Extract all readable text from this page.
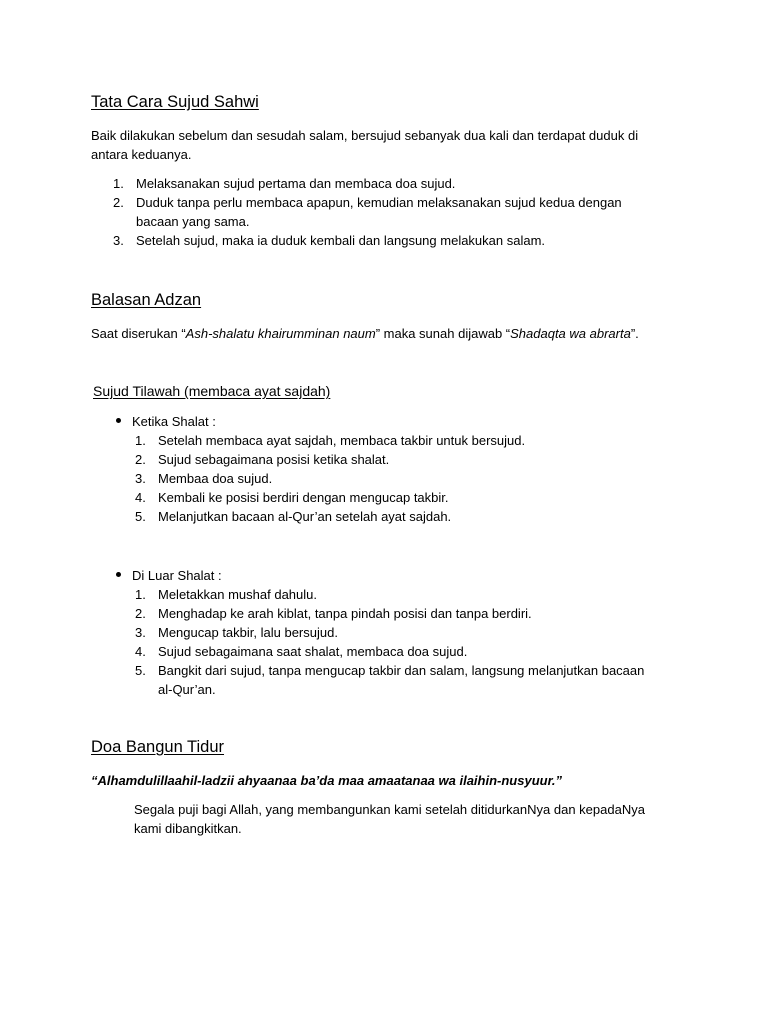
Tata Cara Sujud Sahwi

Baik dilakukan sebelum dan sesudah salam, bersujud sebanyak dua kali dan terdapat duduk di antara keduanya.

1. Melaksanakan sujud pertama dan membaca doa sujud.
2. Duduk tanpa perlu membaca apapun, kemudian melaksanakan sujud kedua dengan bacaan yang sama.
3. Setelah sujud, maka ia duduk kembali dan langsung melakukan salam.
Balasan Adzan

Saat diserukan “Ash-shalatu khairumminan naum” maka sunah dijawab “Shadaqta wa abrarta”.

Sujud Tilawah (membaca ayat sajdah)
Ketika Shalat :
1. Setelah membaca ayat sajdah, membaca takbir untuk bersujud.
2. Sujud sebagaimana posisi ketika shalat.
3. Membaa doa sujud.
4. Kembali ke posisi berdiri dengan mengucap takbir.
5. Melanjutkan bacaan al-Qur’an setelah ayat sajdah.
Di Luar Shalat :
1. Meletakkan mushaf dahulu.
2. Menghadap ke arah kiblat, tanpa pindah posisi dan tanpa berdiri.
3. Mengucap takbir, lalu bersujud.
4. Sujud sebagaimana saat shalat, membaca doa sujud.
5. Bangkit dari sujud, tanpa mengucap takbir dan salam, langsung melanjutkan bacaan al-Qur’an.
Doa Bangun Tidur

“Alhamdulillaahil-ladzii ahyaanaa ba’da maa amaatanaa wa ilaihin-nusyuur.”

Segala puji bagi Allah, yang membangunkan kami setelah ditidurkanNya dan kepadaNya kami dibangkitkan.
